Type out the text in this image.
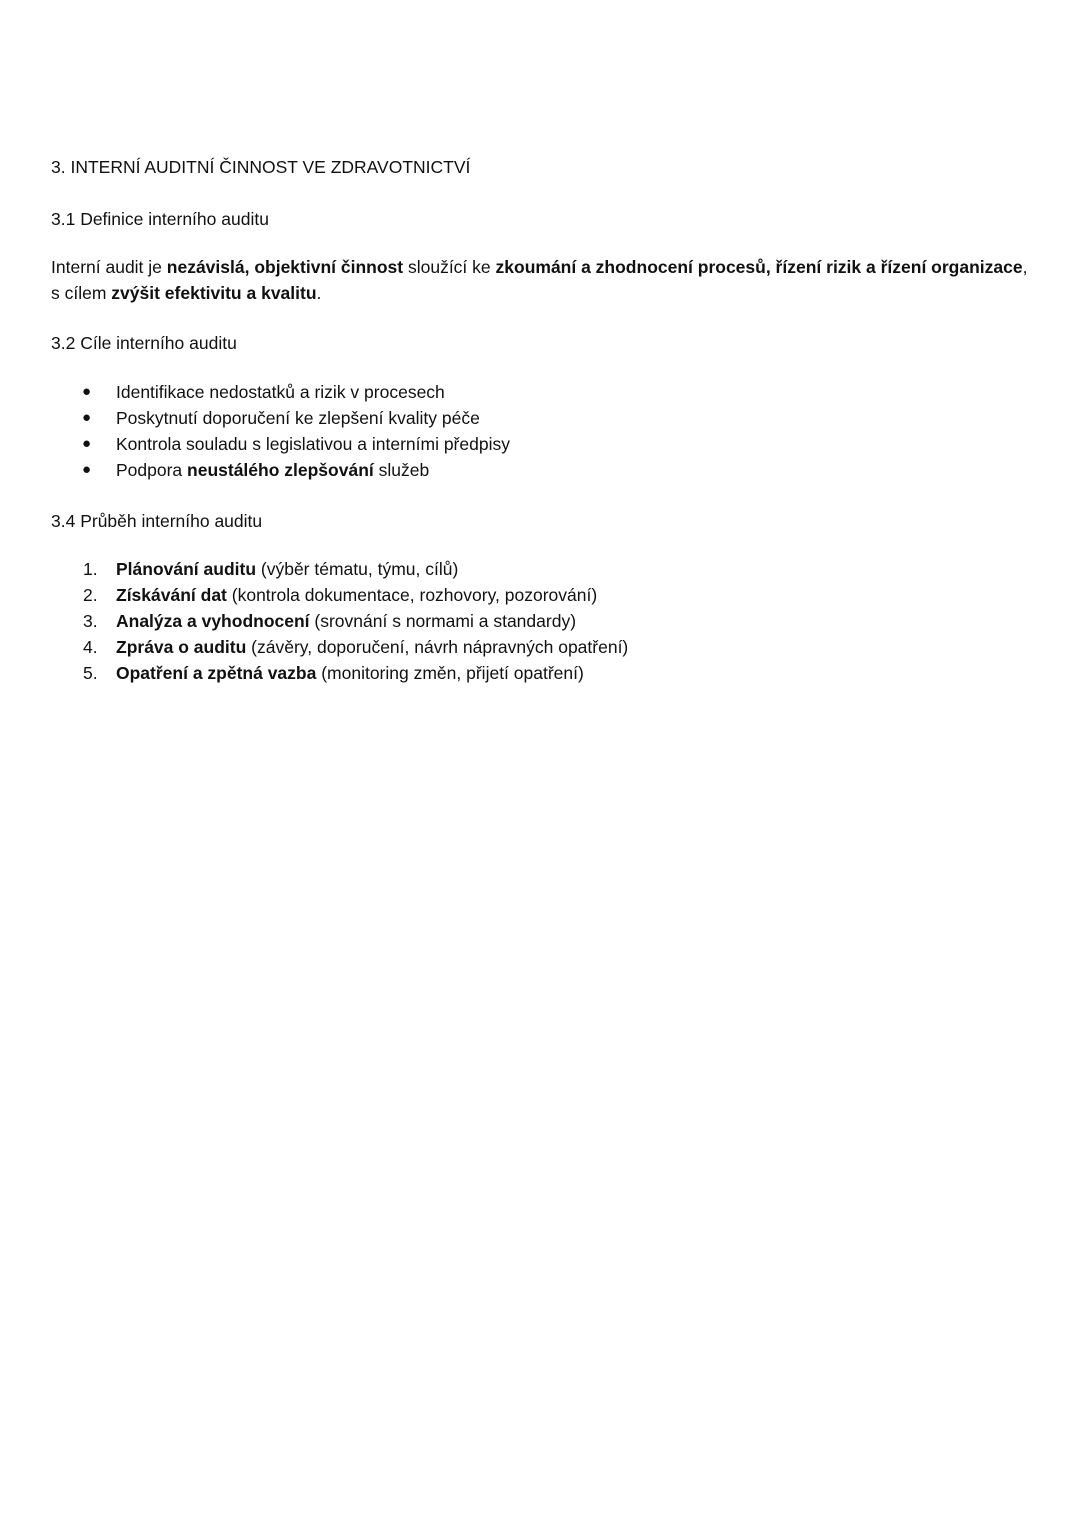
3. INTERNÍ AUDITNÍ ČINNOST VE ZDRAVOTNICTVÍ
3.1 Definice interního auditu
Interní audit je nezávislá, objektivní činnost sloužící ke zkoumání a zhodnocení procesů, řízení rizik a řízení organizace,
s cílem zvýšit efektivitu a kvalitu.
3.2 Cíle interního auditu
●	Identifikace nedostatků a rizik v procesech
●	Poskytnutí doporučení ke zlepšení kvality péče
●	Kontrola souladu s legislativou a interními předpisy
●	Podpora neustálého zlepšování služeb
3.4 Průběh interního auditu
1.	Plánování auditu (výběr tématu, týmu, cílů)
2.	Získávání dat (kontrola dokumentace, rozhovory, pozorování)
3.	Analýza a vyhodnocení (srovnání s normami a standardy)
4.	Zpráva o auditu (závěry, doporučení, návrh nápravných opatření)
5.	Opatření a zpětná vazba (monitoring změn, přijetí opatření)
